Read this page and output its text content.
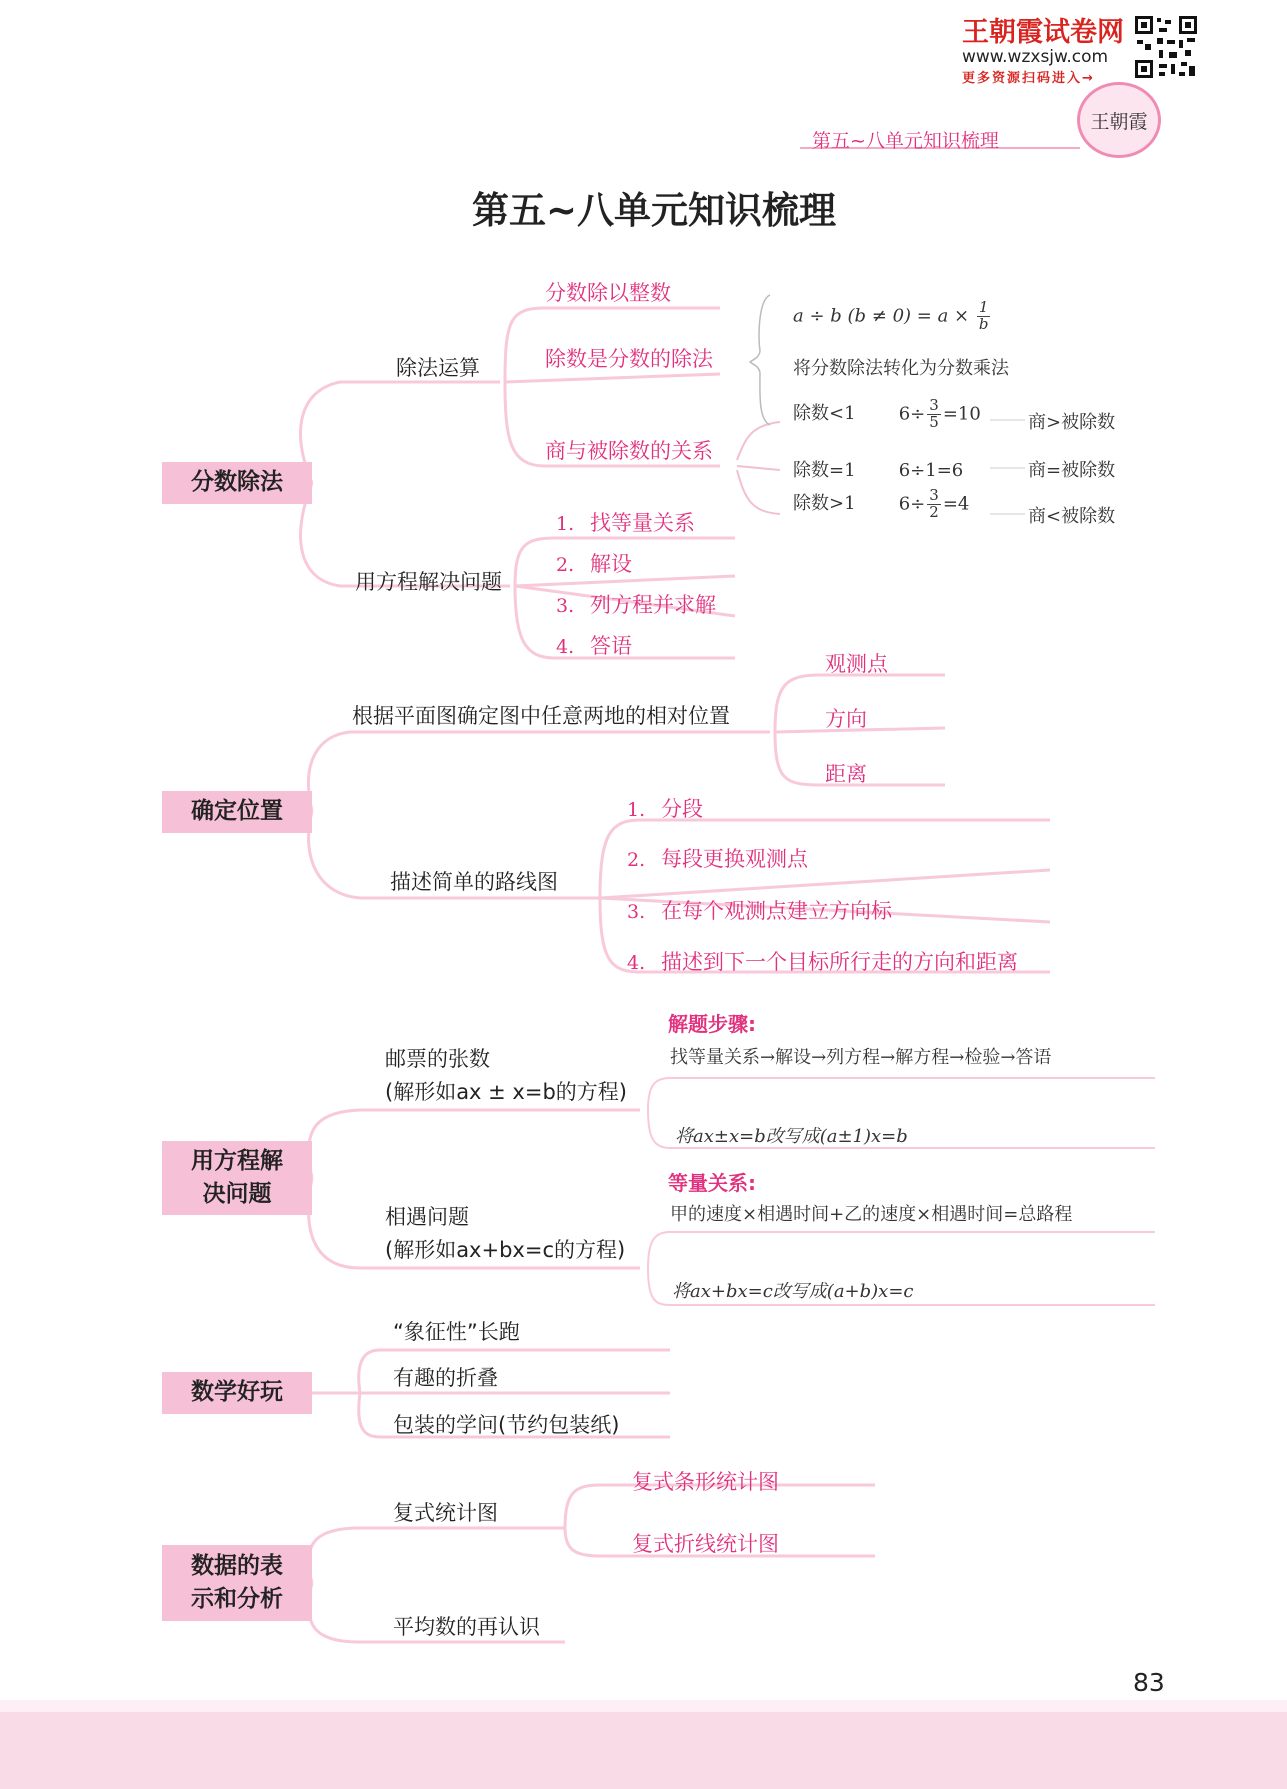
王朝霞试卷网
www.wzxsjw.com
更多资源扫码进入→
王朝霞
第五~八单元知识梳理
第五~八单元知识梳理
分数除法
除法运算
分数除以整数
除数是分数的除法
商与被除数的关系
a ÷ b $(b \ne 0) = a \times \frac{1}{b}$
将分数除法转化为分数乘法
除数<1 $6\div \frac{3}{5} =10$	商>被除数
除数=1 6÷1=6	商=被除数
除数>1 $6\div \frac{3}{2} =4$
商<被除数
用方程解决问题
1. 找等量关系
2. 解设
3. 列方程并求解
4. 答语
确定位置
根据平面图确定图中任意两地的相对位置
观测点
方向
距离
描述简单的路线图
1. 分段
2. 每段更换观测点
3. 在每个观测点建立方向标
4. 描述到下一个目标所行走的方向和距离
用方程解
决问题
邮票的张数
(解形如ax ± x=b的方程)
解题步骤:
找等量关系→解设→列方程→解方程→检验→答语
将ax±x=b改写成(a±1)x=b
相遇问题
(解形如ax+bx=c的方程)
等量关系:
甲的速度×相遇时间+乙的速度×相遇时间=总路程
将ax+bx=c改写成(a+b)x=c
数学好玩
“象征性”长跑
有趣的折叠
包装的学问(节约包装纸)
数据的表
示和分析
复式统计图
复式条形统计图
复式折线统计图
平均数的再认识
83
